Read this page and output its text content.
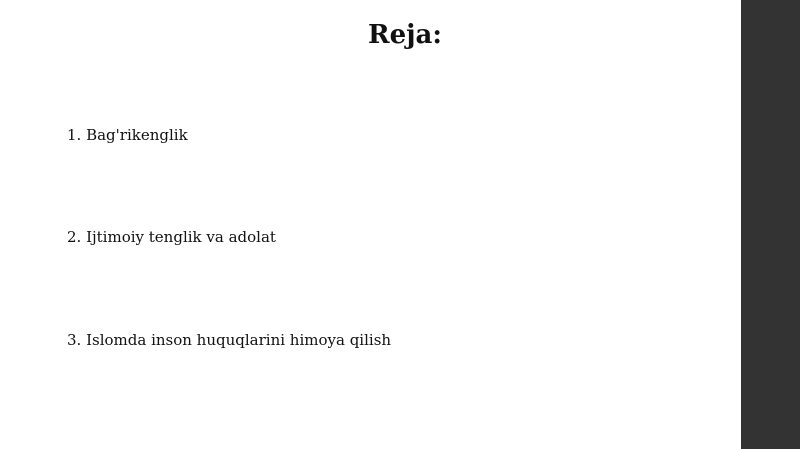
Reja:
1. Bag'rikenglik
2. Ijtimoiy tenglik va adolat
3. Islomda inson huquqlarini himoya qilish
